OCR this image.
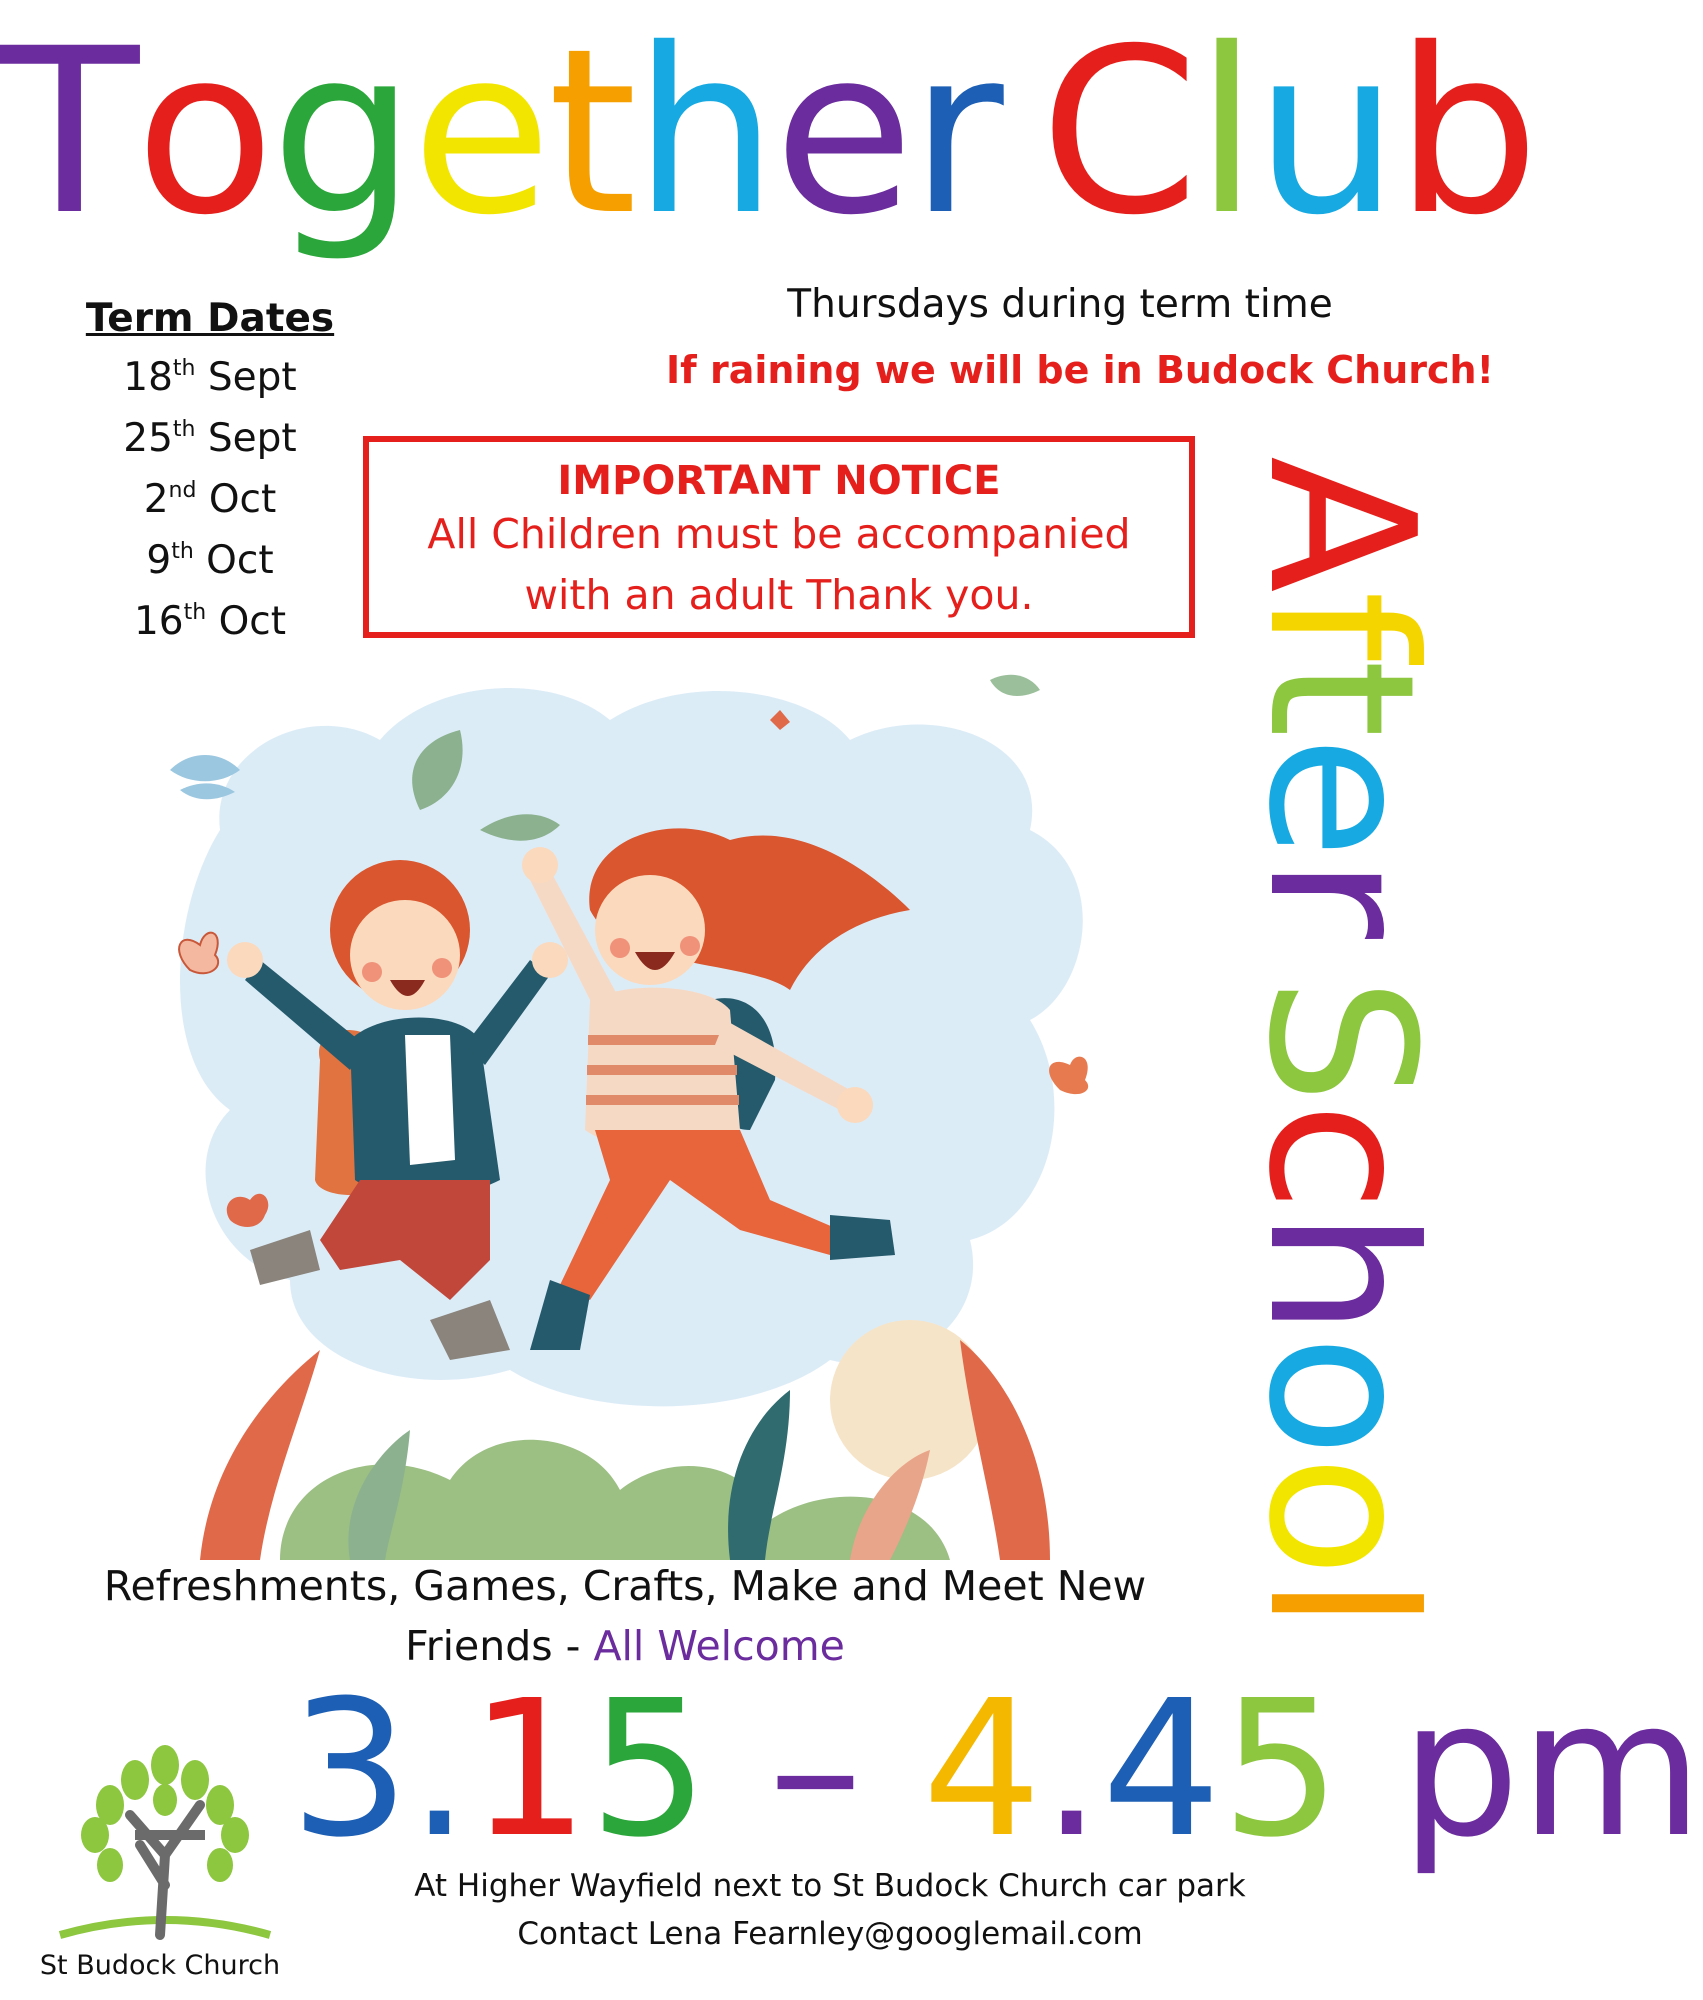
Together Club
Term Dates
18th Sept
25th Sept
2nd Oct
9th Oct
16th Oct
Thursdays during term time
If raining we will be in Budock Church!
IMPORTANT NOTICE
All Children must be accompanied
with an adult Thank you.
After School
Refreshments, Games, Crafts, Make and Meet New
Friends - All Welcome
3.15 – 4.45 pm
St Budock Church
At Higher Wayfield next to St Budock Church car park
Contact Lena Fearnley@googlemail.com
